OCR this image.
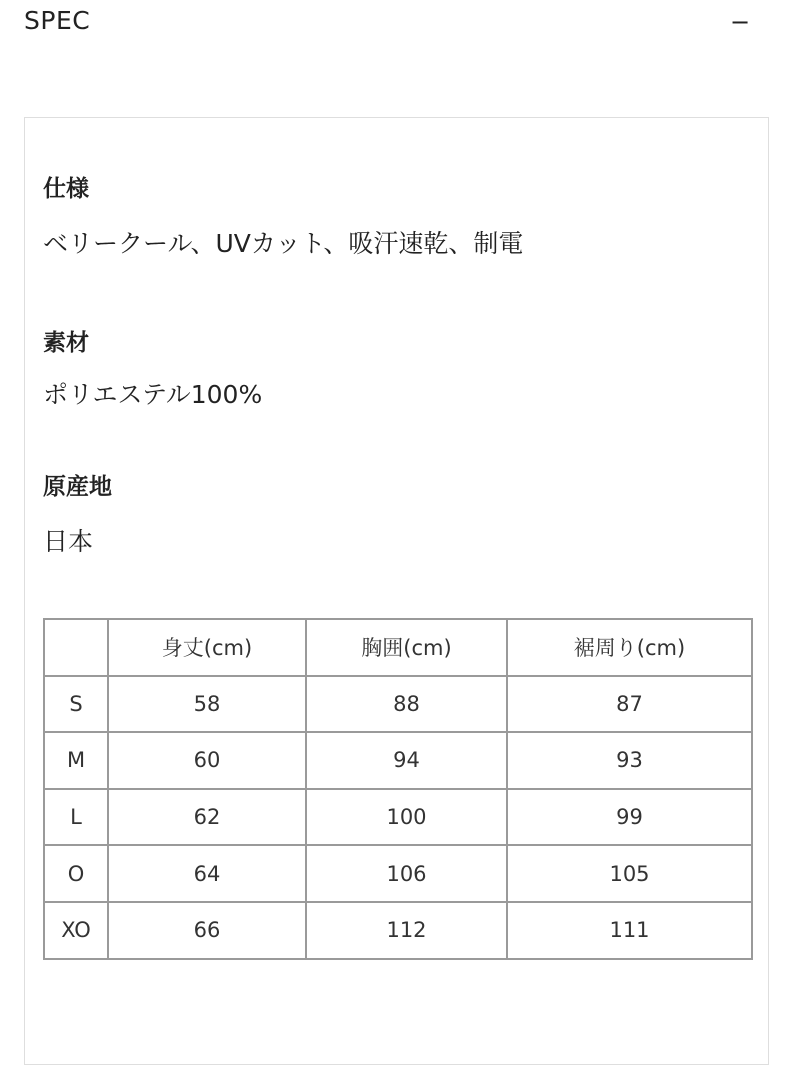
SPEC	−
仕様
ベリークール、UVカット、吸汗速乾、制電
素材
ポリエステル100%
原産地
日本
	身丈(cm)	胸囲(cm)	裾周り(cm)
S	58	88	87
M	60	94	93
L	62	100	99
O	64	106	105
XO	66	112	111
